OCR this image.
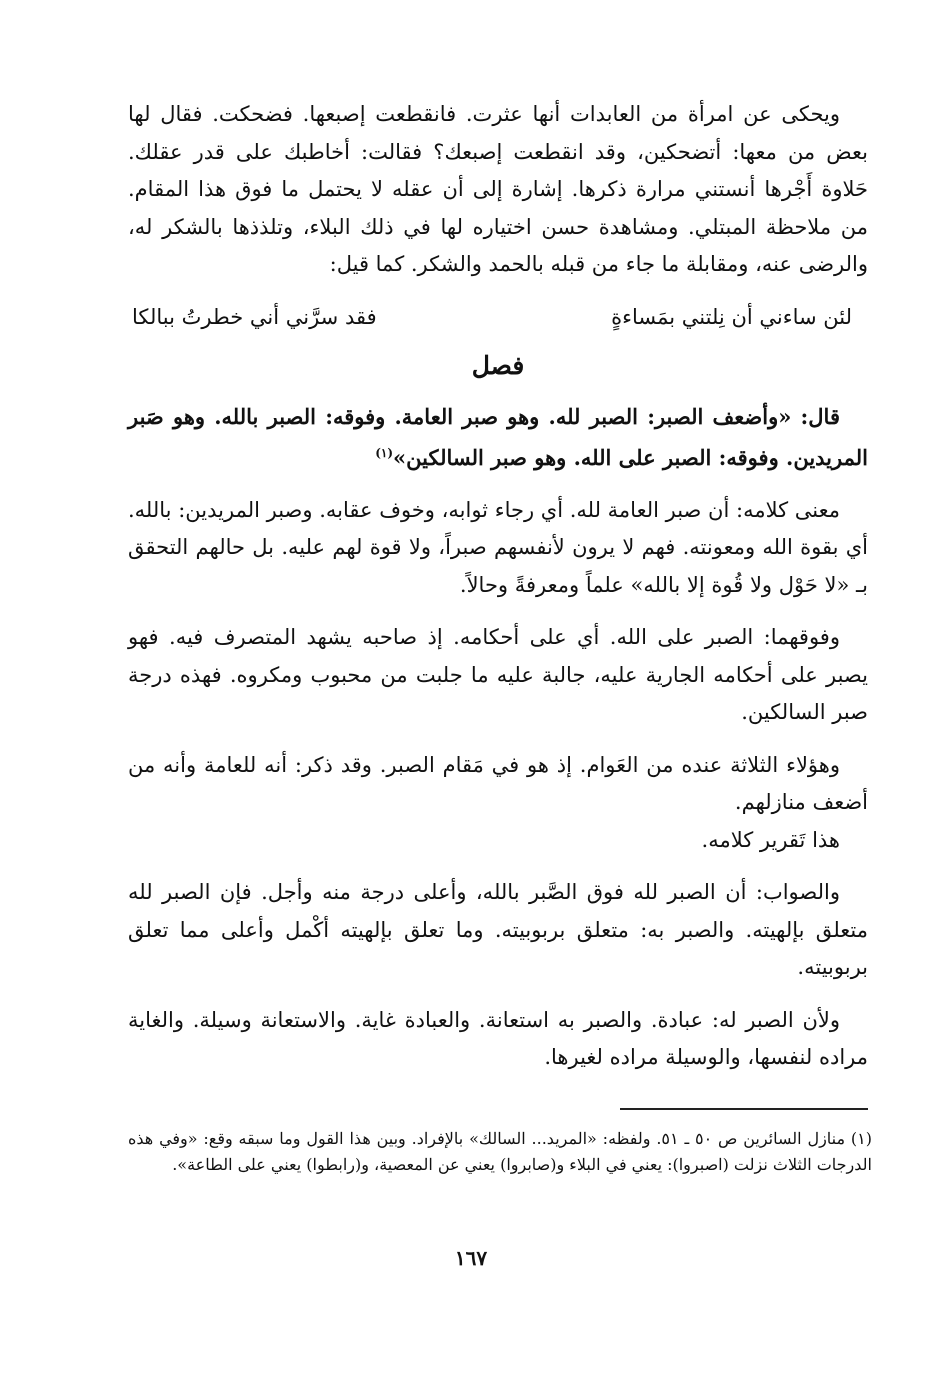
ويحكى عن امرأة من العابدات أنها عثرت. فانقطعت إصبعها. فضحكت. فقال لها بعض من معها: أتضحكين، وقد انقطعت إصبعك؟ فقالت: أخاطبك على قدر عقلك. حَلاوة أَجْرها أنستني مرارة ذكرها. إشارة إلى أن عقله لا يحتمل ما فوق هذا المقام. من ملاحظة المبتلي. ومشاهدة حسن اختياره لها في ذلك البلاء، وتلذذها بالشكر له، والرضى عنه، ومقابلة ما جاء من قبله بالحمد والشكر. كما قيل:

لئن ساءني أن نِلتني بمَساءةٍ
فقد سرَّني أني خطرتُ ببالكا
فصل

قال: «وأضعف الصبر: الصبر لله. وهو صبر العامة. وفوقه: الصبر بالله. وهو صَبر المريدين. وفوقه: الصبر على الله. وهو صبر السالكين»$^{(١)}$

معنى كلامه: أن صبر العامة لله. أي رجاء ثوابه، وخوف عقابه. وصبر المريدين: بالله. أي بقوة الله ومعونته. فهم لا يرون لأنفسهم صبراً، ولا قوة لهم عليه. بل حالهم التحقق بـ «لا حَوْل ولا قُوة إلا بالله» علماً ومعرفةً وحالاً.

وفوقهما: الصبر على الله. أي على أحكامه. إذ صاحبه يشهد المتصرف فيه. فهو يصبر على أحكامه الجارية عليه، جالبة عليه ما جلبت من محبوب ومكروه. فهذه درجة صبر السالكين.

وهؤلاء الثلاثة عنده من العَوام. إذ هو في مَقام الصبر. وقد ذكر: أنه للعامة وأنه من أضعف منازلهم.

هذا تَقرير كلامه.

والصواب: أن الصبر لله فوق الصَّبر بالله، وأعلى درجة منه وأجل. فإن الصبر لله متعلق بإلهيته. والصبر به: متعلق بربوبيته. وما تعلق بإلهيته أكْمل وأعلى مما تعلق بربوبيته.

ولأن الصبر له: عبادة. والصبر به استعانة. والعبادة غاية. والاستعانة وسيلة. والغاية مراده لنفسها، والوسيلة مراده لغيرها.

(١) منازل السائرين ص ٥٠ ـ ٥١. ولفظه: «المريد... السالك» بالإفراد. وبين هذا القول وما سبقه وقع: «وفي هذه الدرجات الثلاث نزلت (اصبروا): يعني في البلاء و(صابروا) يعني عن المعصية، و(رابطوا) يعني على الطاعة».
١٦٧
